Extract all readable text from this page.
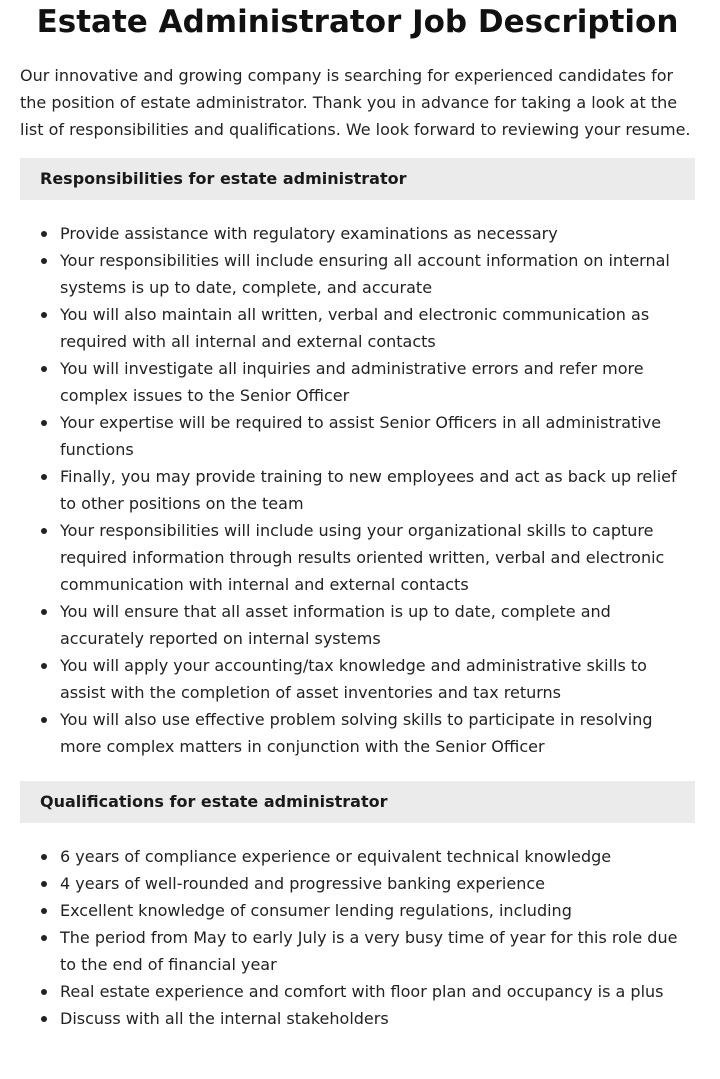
Estate Administrator Job Description

Our innovative and growing company is searching for experienced candidates for the position of estate administrator. Thank you in advance for taking a look at the list of responsibilities and qualifications. We look forward to reviewing your resume.

Responsibilities for estate administrator
Provide assistance with regulatory examinations as necessary
Your responsibilities will include ensuring all account information on internal systems is up to date, complete, and accurate
You will also maintain all written, verbal and electronic communication as required with all internal and external contacts
You will investigate all inquiries and administrative errors and refer more complex issues to the Senior Officer
Your expertise will be required to assist Senior Officers in all administrative functions
Finally, you may provide training to new employees and act as back up relief to other positions on the team
Your responsibilities will include using your organizational skills to capture required information through results oriented written, verbal and electronic communication with internal and external contacts
You will ensure that all asset information is up to date, complete and accurately reported on internal systems
You will apply your accounting/tax knowledge and administrative skills to assist with the completion of asset inventories and tax returns
You will also use effective problem solving skills to participate in resolving more complex matters in conjunction with the Senior Officer
Qualifications for estate administrator
6 years of compliance experience or equivalent technical knowledge
4 years of well-rounded and progressive banking experience
Excellent knowledge of consumer lending regulations, including
The period from May to early July is a very busy time of year for this role due to the end of financial year
Real estate experience and comfort with floor plan and occupancy is a plus
Discuss with all the internal stakeholders
